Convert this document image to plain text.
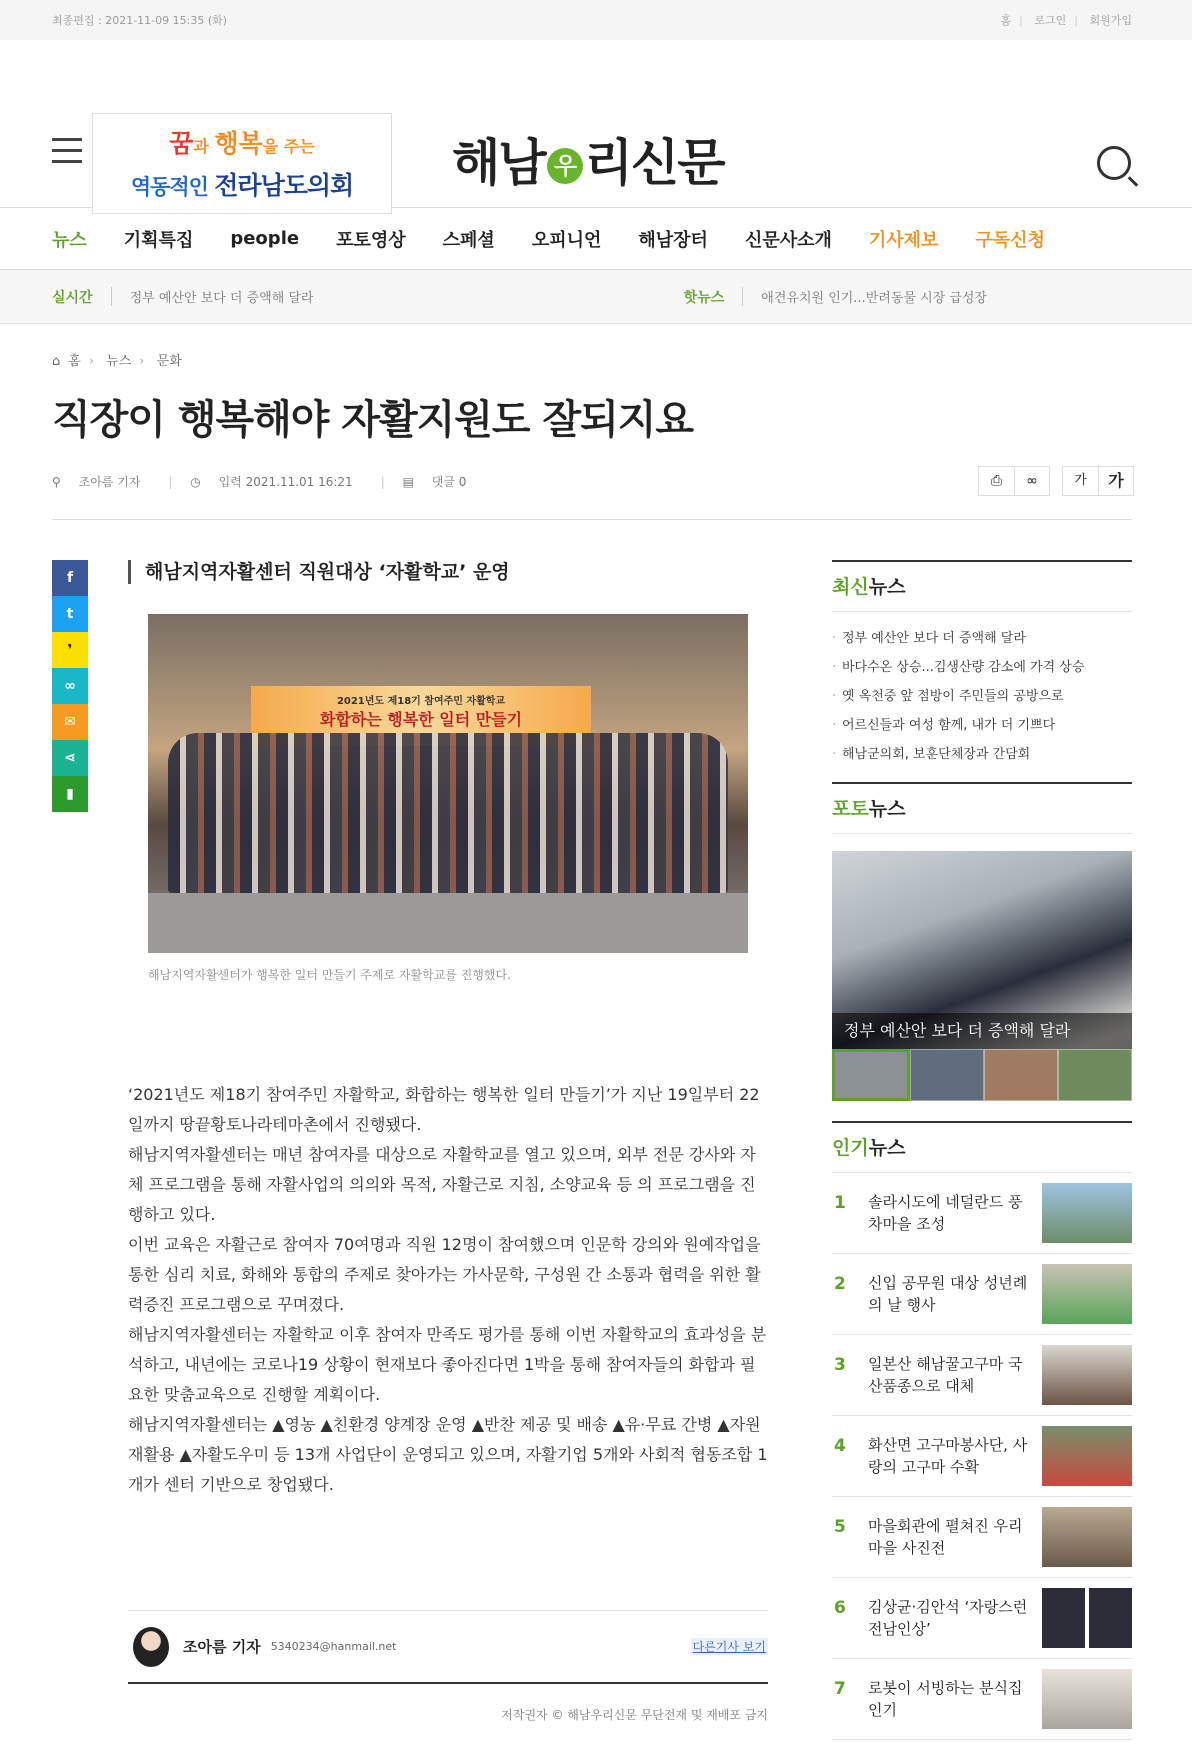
최종편집 : 2021-11-09 15:35 (화)	홈 | 로그인 | 회원가입
꿈과 행복을 주는
역동적인 전라남도의회	해남 우 리신문
뉴스 기획특집 people 포토영상 스페셜 오피니언 해남장터 신문사소개 기사제보 구독신청
실시간	정부 예산안 보다 더 증액해 달라	핫뉴스	애견유치원 인기...반려동물 시장 급성장
⌂ 홈 › 뉴스 › 문화
직장이 행복해야 자활지원도 잘되지요
⚲ 조아름 기자 | ◷ 입력 2021.11.01 16:21 | ▤ 댓글 0	⎙	∞	가	가
f
t
❜
∞
✉
⋖
▮
해남지역자활센터 직원대상 ‘자활학교’ 운영
2021년도 제18기 참여주민 자활학교
화합하는 행복한 일터 만들기
해남지역자활센터가 행복한 일터 만들기 주제로 자활학교를 진행했다.

‘2021년도 제18기 참여주민 자활학교, 화합하는 행복한 일터 만들기’가 지난 19일부터 22일까지 땅끝황토나라테마촌에서 진행됐다.

해남지역자활센터는 매년 참여자를 대상으로 자활학교를 열고 있으며, 외부 전문 강사와 자체 프로그램을 통해 자활사업의 의의와 목적, 자활근로 지침, 소양교육 등 의 프로그램을 진행하고 있다.

이번 교육은 자활근로 참여자 70여명과 직원 12명이 참여했으며 인문학 강의와 원예작업을 통한 심리 치료, 화해와 통합의 주제로 찾아가는 가사문학, 구성원 간 소통과 협력을 위한 활력증진 프로그램으로 꾸며졌다.

해남지역자활센터는 자활학교 이후 참여자 만족도 평가를 통해 이번 자활학교의 효과성을 분석하고, 내년에는 코로나19 상황이 현재보다 좋아진다면 1박을 통해 참여자들의 화합과 필요한 맞춤교육으로 진행할 계획이다.

해남지역자활센터는 ▲영농 ▲친환경 양계장 운영 ▲반찬 제공 및 배송 ▲유·무료 간병 ▲자원 재활용 ▲자활도우미 등 13개 사업단이 운영되고 있으며, 자활기업 5개와 사회적 협동조합 1개가 센터 기반으로 창업됐다.

조아름 기자 5340234@hanmail.net	다른기사 보기
저작권자 © 해남우리신문 무단전재 및 재배포 금지
최신뉴스
· 정부 예산안 보다 더 증액해 달라
· 바다수온 상승...김생산량 감소에 가격 상승
· 옛 옥천중 앞 점방이 주민들의 공방으로
· 어르신들과 여성 함께, 내가 더 기쁘다
· 해남군의회, 보훈단체장과 간담회
포토뉴스
정부 예산안 보다 더 증액해 달라
인기뉴스
1	솔라시도에 네덜란드 풍차마을 조성
2	신입 공무원 대상 성년례의 날 행사
3	일본산 해남꿀고구마 국산품종으로 대체
4	화산면 고구마봉사단, 사랑의 고구마 수확
5	마을회관에 펼쳐진 우리마을 사진전
6	김상균·김안석 ‘자랑스런 전남인상’
7	로봇이 서빙하는 분식집 인기
